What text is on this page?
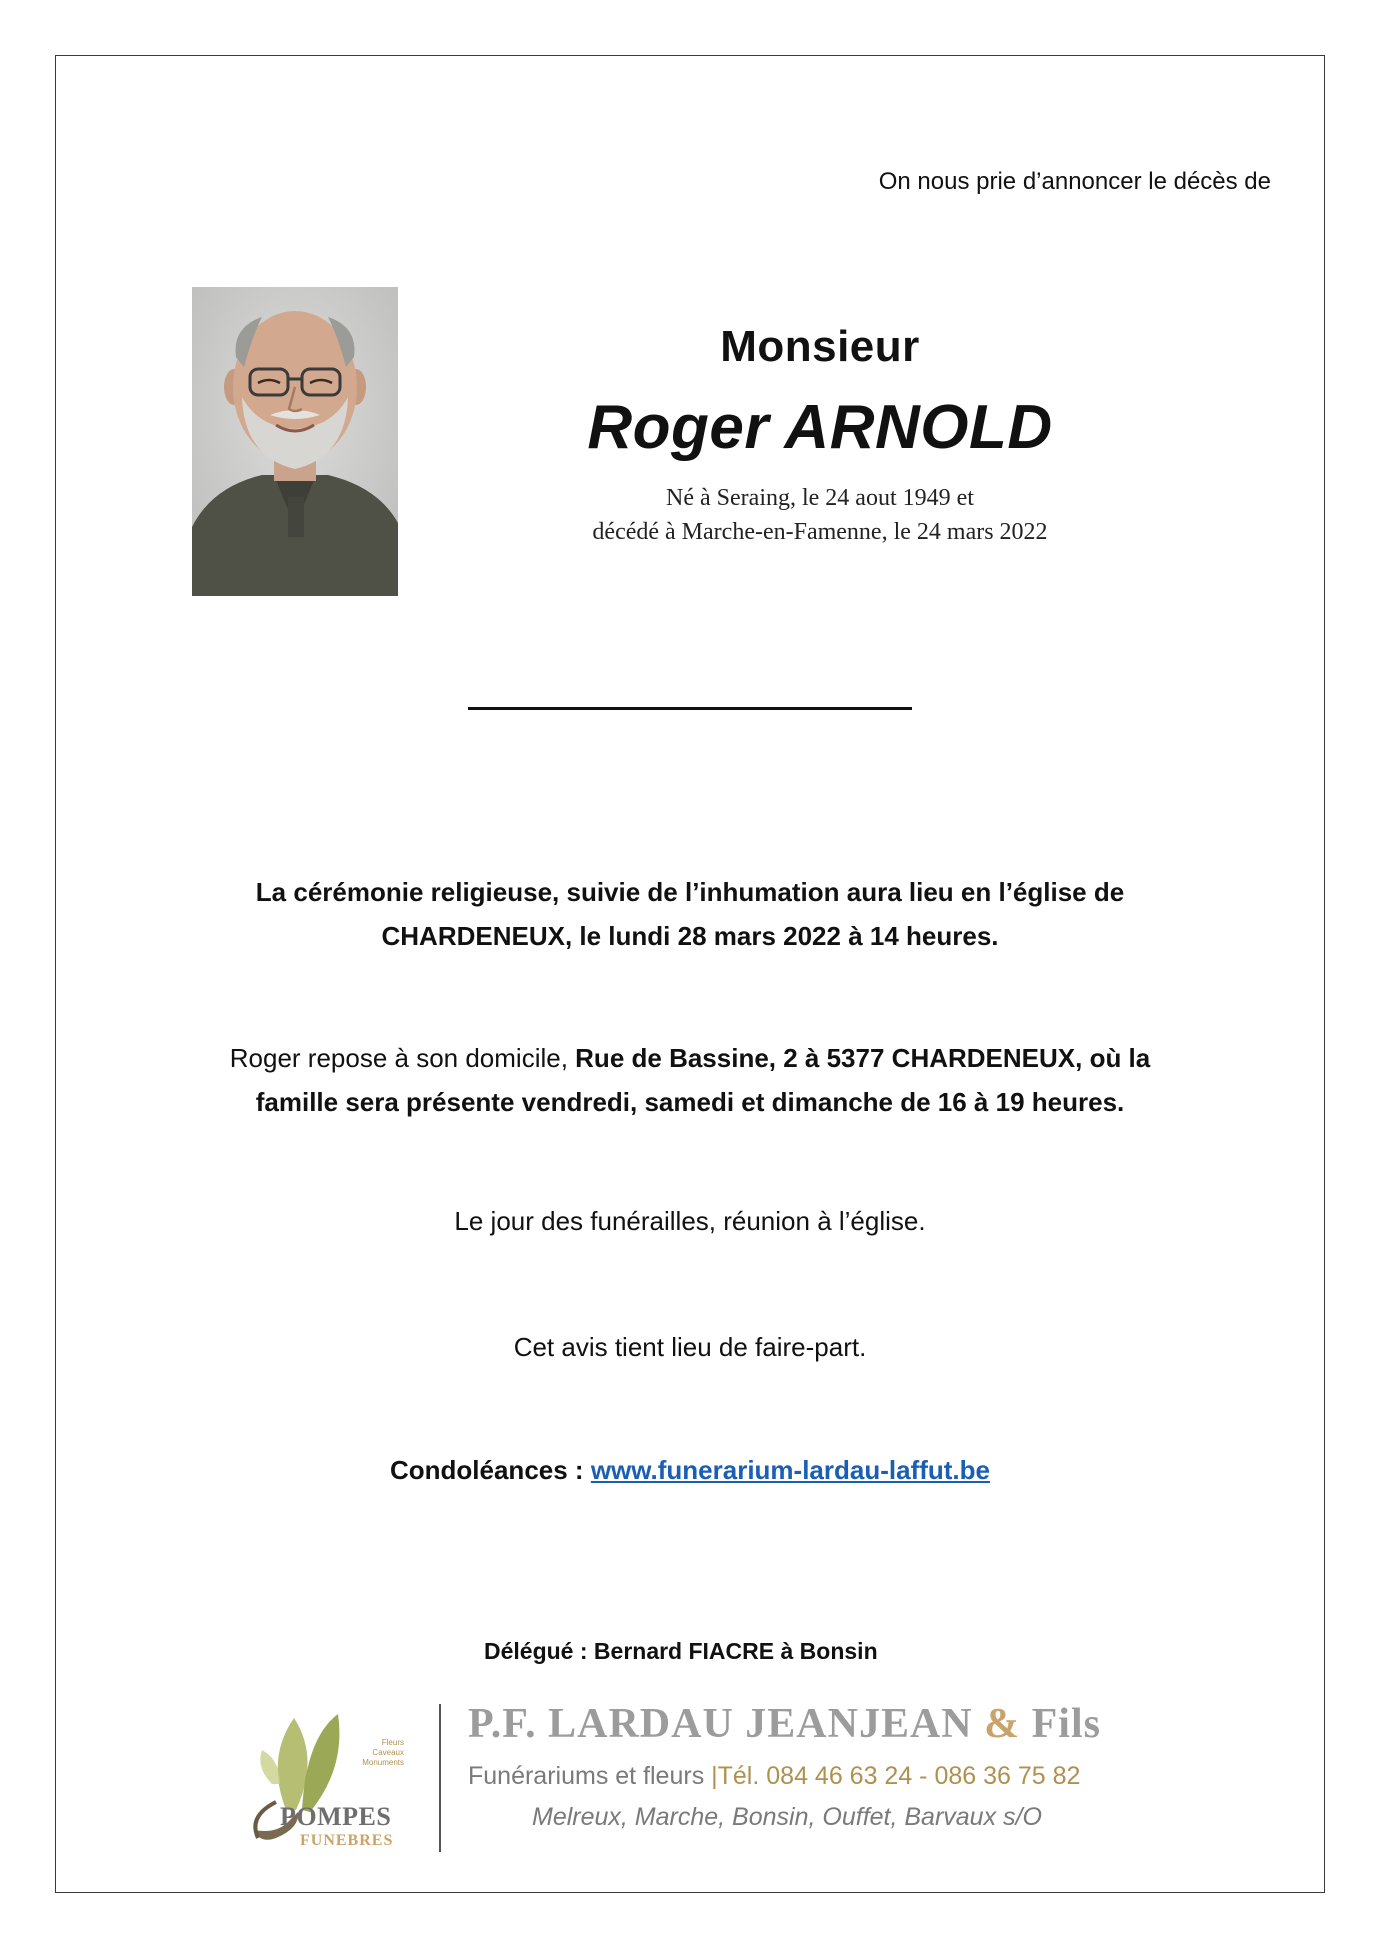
On nous prie d’annoncer le décès de
Monsieur
Roger ARNOLD
Né à Seraing, le 24 aout 1949 et
décédé à Marche-en-Famenne, le 24 mars 2022
La cérémonie religieuse, suivie de l’inhumation aura lieu en l’église de
CHARDENEUX, le lundi 28 mars 2022 à 14 heures.
Roger repose à son domicile, Rue de Bassine, 2 à 5377 CHARDENEUX, où la
famille sera présente vendredi, samedi et dimanche de 16 à 19 heures.
Le jour des funérailles, réunion à l’église.
Cet avis tient lieu de faire-part.
Condoléances : www.funerarium-lardau-laffut.be
Délégué : Bernard FIACRE à Bonsin
Fleurs
Caveaux
Monuments
POMPES
FUNEBRES
P.F. LARDAU JEANJEAN & Fils
Funérariums et fleurs |Tél. 084 46 63 24 - 086 36 75 82
Melreux, Marche, Bonsin, Ouffet, Barvaux s/O
